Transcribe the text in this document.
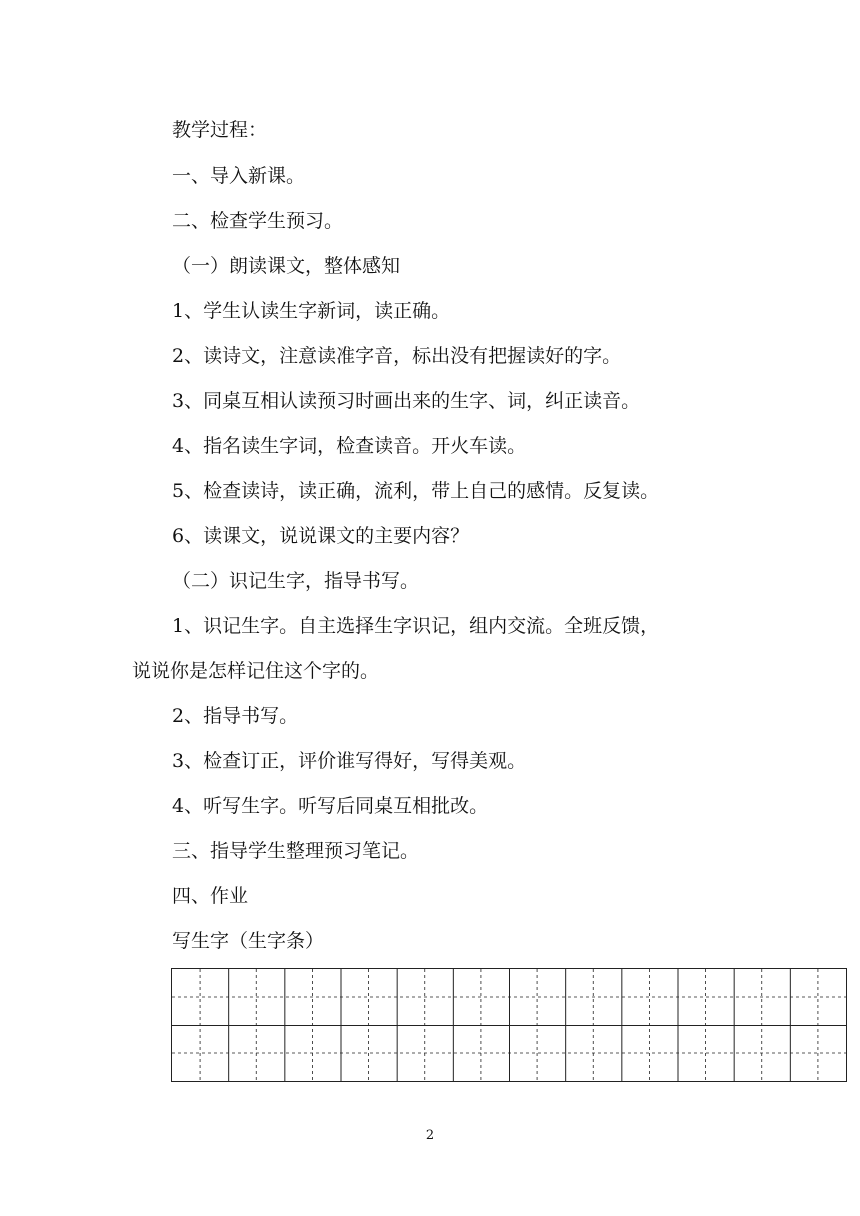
教学过程：
一、导入新课。
二、检查学生预习。
（一）朗读课文，整体感知
1、学生认读生字新词，读正确。
2、读诗文，注意读准字音，标出没有把握读好的字。
3、同桌互相认读预习时画出来的生字、词，纠正读音。
4、指名读生字词，检查读音。开火车读。
5、检查读诗，读正确，流利，带上自己的感情。反复读。
6、读课文，说说课文的主要内容？
（二）识记生字，指导书写。
1、识记生字。自主选择生字识记，组内交流。全班反馈，
说说你是怎样记住这个字的。
2、指导书写。
3、检查订正，评价谁写得好，写得美观。
4、听写生字。听写后同桌互相批改。
三、指导学生整理预习笔记。
四、作业
写生字（生字条）
2
